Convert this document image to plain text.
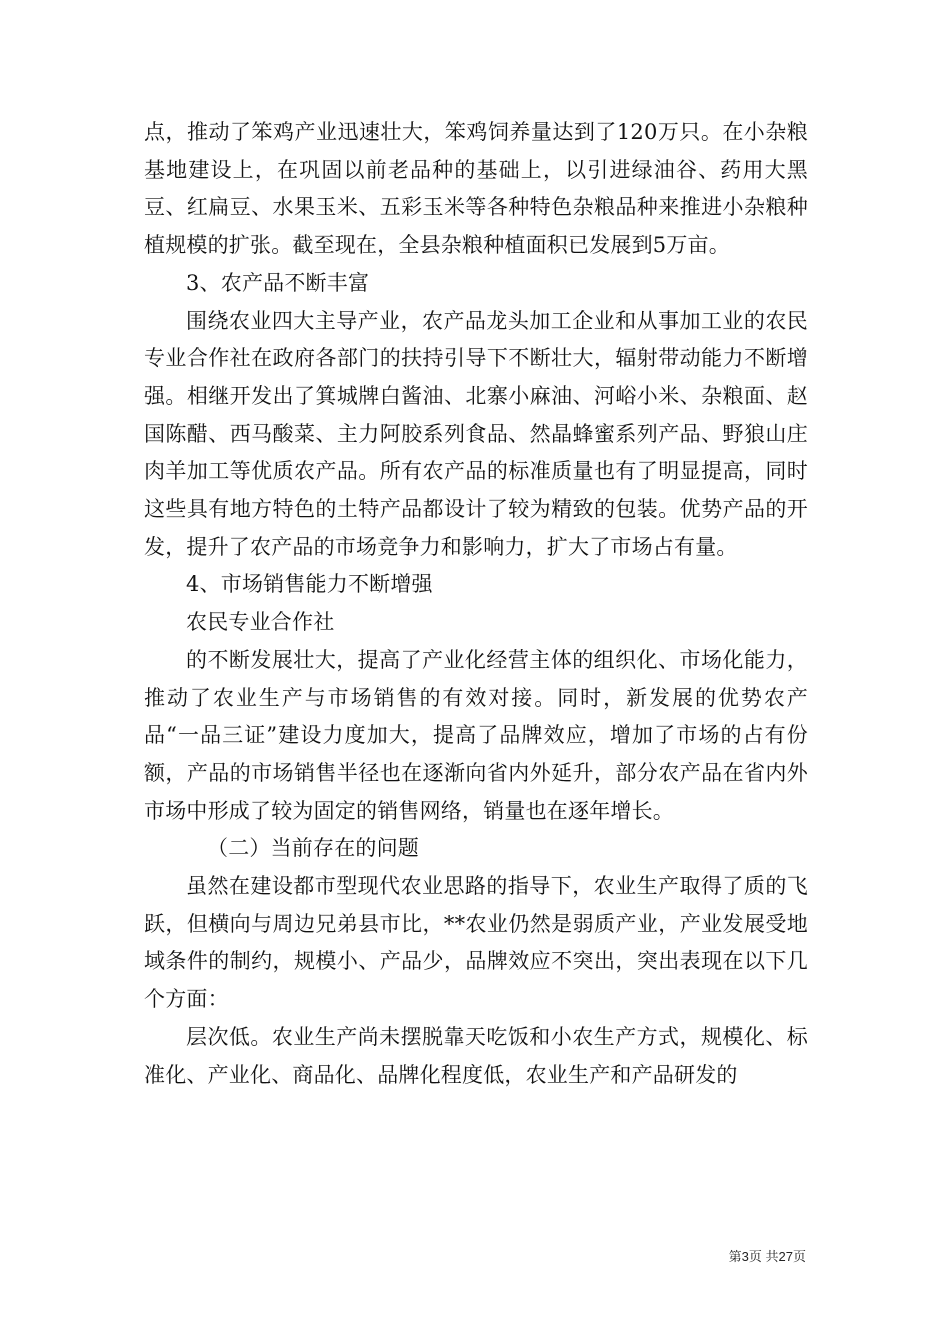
点，推动了笨鸡产业迅速壮大，笨鸡饲养量达到了120万只。在小杂粮基地建设上，在巩固以前老品种的基础上，以引进绿油谷、药用大黑豆、红扁豆、水果玉米、五彩玉米等各种特色杂粮品种来推进小杂粮种植规模的扩张。截至现在，全县杂粮种植面积已发展到5万亩。

3、农产品不断丰富

围绕农业四大主导产业，农产品龙头加工企业和从事加工业的农民专业合作社在政府各部门的扶持引导下不断壮大，辐射带动能力不断增强。相继开发出了箕城牌白酱油、北寨小麻油、河峪小米、杂粮面、赵国陈醋、西马酸菜、主力阿胶系列食品、然晶蜂蜜系列产品、野狼山庄肉羊加工等优质农产品。所有农产品的标准质量也有了明显提高，同时这些具有地方特色的土特产品都设计了较为精致的包装。优势产品的开发，提升了农产品的市场竞争力和影响力，扩大了市场占有量。

4、市场销售能力不断增强

农民专业合作社

的不断发展壮大，提高了产业化经营主体的组织化、市场化能力，推动了农业生产与市场销售的有效对接。同时，新发展的优势农产品“一品三证”建设力度加大，提高了品牌效应，增加了市场的占有份额，产品的市场销售半径也在逐渐向省内外延升，部分农产品在省内外市场中形成了较为固定的销售网络，销量也在逐年增长。

（二）当前存在的问题

虽然在建设都市型现代农业思路的指导下，农业生产取得了质的飞跃，但横向与周边兄弟县市比，**农业仍然是弱质产业，产业发展受地域条件的制约，规模小、产品少，品牌效应不突出，突出表现在以下几个方面：

层次低。农业生产尚未摆脱靠天吃饭和小农生产方式，规模化、标准化、产业化、商品化、品牌化程度低，农业生产和产品研发的

第3页 共27页
